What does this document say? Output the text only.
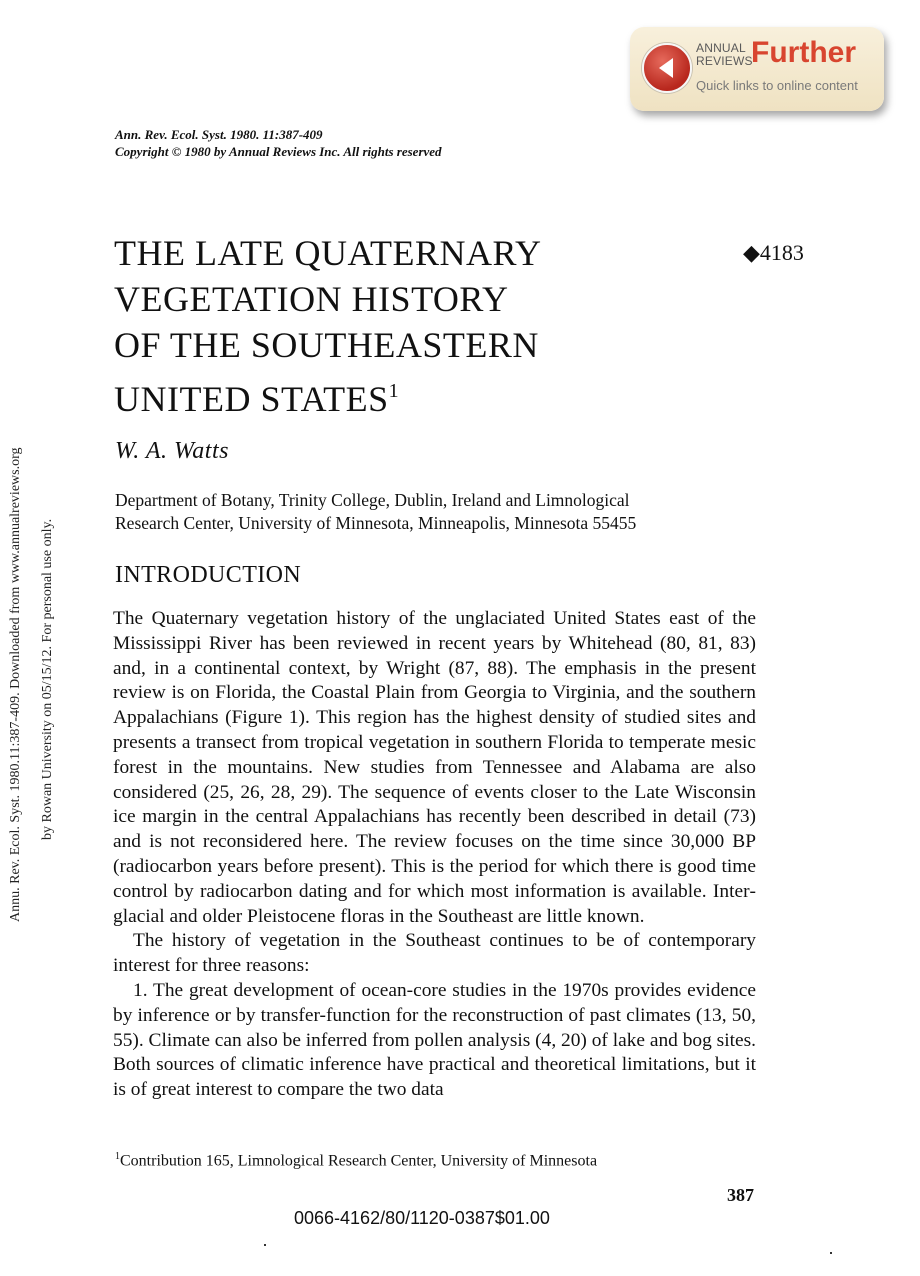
ANNUAL
REVIEWS
Further
Quick links to online content
Ann. Rev. Ecol. Syst. 1980. 11:387-409
Copyright © 1980 by Annual Reviews Inc. All rights reserved
THE LATE QUATERNARY
VEGETATION HISTORY
OF THE SOUTHEASTERN
UNITED STATES$^1$
◆4183
W. A. Watts
Department of Botany, Trinity College, Dublin, Ireland and Limnological
Research Center, University of Minnesota, Minneapolis, Minnesota 55455
INTRODUCTION

The Quaternary vegetation history of the unglaciated United States east of the Mississippi River has been reviewed in recent years by Whitehead (80, 81, 83) and, in a continental context, by Wright (87, 88). The emphasis in the present review is on Florida, the Coastal Plain from Georgia to Virginia, and the southern Appalachians (Figure 1). This region has the highest density of studied sites and presents a transect from tropical vegetation in southern Florida to temperate mesic forest in the mountains. New studies from Tennessee and Alabama are also considered (25, 26, 28, 29). The sequence of events closer to the Late Wisconsin ice margin in the central Appalachians has recently been described in detail (73) and is not reconsidered here. The review focuses on the time since 30,000 BP (radiocarbon years before present). This is the period for which there is good time control by radiocarbon dating and for which most information is available. Interglacial and older Pleistocene floras in the Southeast are little known.

The history of vegetation in the Southeast continues to be of contemporary interest for three reasons:

1. The great development of ocean-core studies in the 1970s provides evidence by inference or by transfer-function for the reconstruction of past climates (13, 50, 55). Climate can also be inferred from pollen analysis (4, 20) of lake and bog sites. Both sources of climatic inference have practical and theoretical limitations, but it is of great interest to compare the two data

$^1$Contribution 165, Limnological Research Center, University of Minnesota
387
0066-4162/80/1120-0387$01.00
Annu. Rev. Ecol. Syst. 1980.11:387-409. Downloaded from www.annualreviews.org by Rowan University on 05/15/12. For personal use only.
